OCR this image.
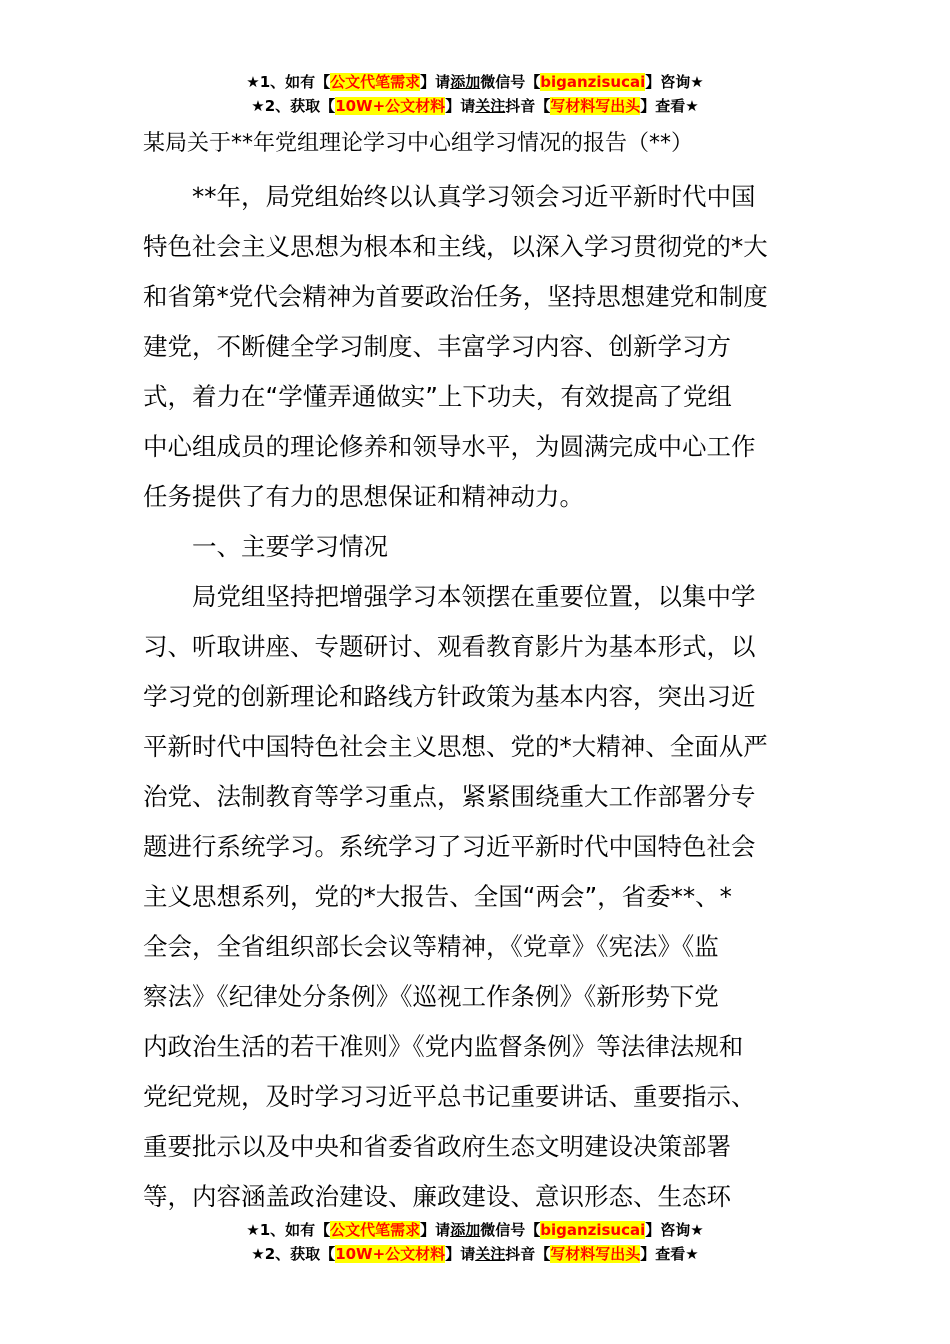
★1、如有【公文代笔需求】请添加微信号【biganzisucai】咨询★
★2、获取【10W+公文材料】请关注抖音【写材料写出头】查看★
某局关于**年党组理论学习中心组学习情况的报告（**）
**年，局党组始终以认真学习领会习近平新时代中国
特色社会主义思想为根本和主线，以深入学习贯彻党的*大
和省第*党代会精神为首要政治任务，坚持思想建党和制度
建党，不断健全学习制度、丰富学习内容、创新学习方
式，着力在“学懂弄通做实”上下功夫，有效提高了党组
中心组成员的理论修养和领导水平，为圆满完成中心工作
任务提供了有力的思想保证和精神动力。
一、主要学习情况
局党组坚持把增强学习本领摆在重要位置，以集中学
习、听取讲座、专题研讨、观看教育影片为基本形式，以
学习党的创新理论和路线方针政策为基本内容，突出习近
平新时代中国特色社会主义思想、党的*大精神、全面从严
治党、法制教育等学习重点，紧紧围绕重大工作部署分专
题进行系统学习。系统学习了习近平新时代中国特色社会
主义思想系列，党的*大报告、全国“两会”，省委**、*
全会，全省组织部长会议等精神，《党章》《宪法》《监
察法》《纪律处分条例》《巡视工作条例》《新形势下党
内政治生活的若干准则》《党内监督条例》等法律法规和
党纪党规，及时学习习近平总书记重要讲话、重要指示、
重要批示以及中央和省委省政府生态文明建设决策部署
等，内容涵盖政治建设、廉政建设、意识形态、生态环
★1、如有【公文代笔需求】请添加微信号【biganzisucai】咨询★
★2、获取【10W+公文材料】请关注抖音【写材料写出头】查看★
